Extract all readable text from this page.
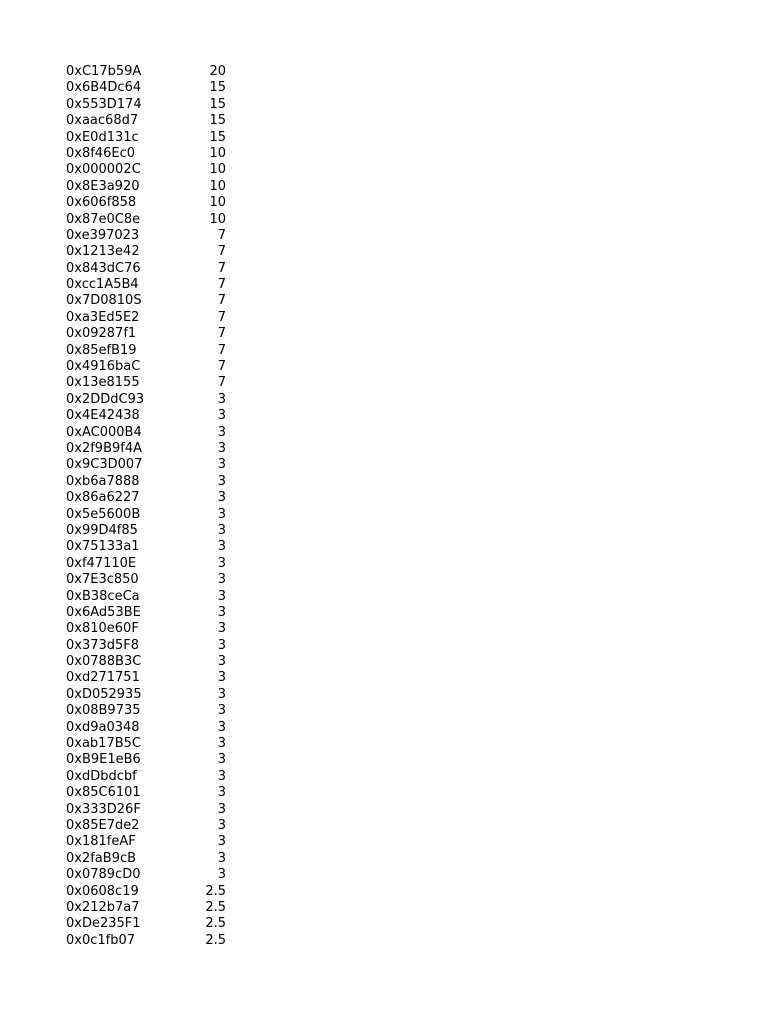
0xC17b59A	20
0x6B4Dc64	15
0x553D174	15
0xaac68d7	15
0xE0d131c	15
0x8f46Ec0	10
0x000002C	10
0x8E3a920	10
0x606f858	10
0x87e0C8e	10
0xe397023	7
0x1213e42	7
0x843dC76	7
0xcc1A5B4	7
0x7D0810S	7
0xa3Ed5E2	7
0x09287f1	7
0x85efB19	7
0x4916baC	7
0x13e8155	7
0x2DDdC93	3
0x4E42438	3
0xAC000B4	3
0x2f9B9f4A	3
0x9C3D007	3
0xb6a7888	3
0x86a6227	3
0x5e5600B	3
0x99D4f85	3
0x75133a1	3
0xf47110E	3
0x7E3c850	3
0xB38ceCa	3
0x6Ad53BE	3
0x810e60F	3
0x373d5F8	3
0x0788B3C	3
0xd271751	3
0xD052935	3
0x08B9735	3
0xd9a0348	3
0xab17B5C	3
0xB9E1eB6	3
0xdDbdcbf	3
0x85C6101	3
0x333D26F	3
0x85E7de2	3
0x181feAF	3
0x2faB9cB	3
0x0789cD0	3
0x0608c19	2.5
0x212b7a7	2.5
0xDe235F1	2.5
0x0c1fb07	2.5
